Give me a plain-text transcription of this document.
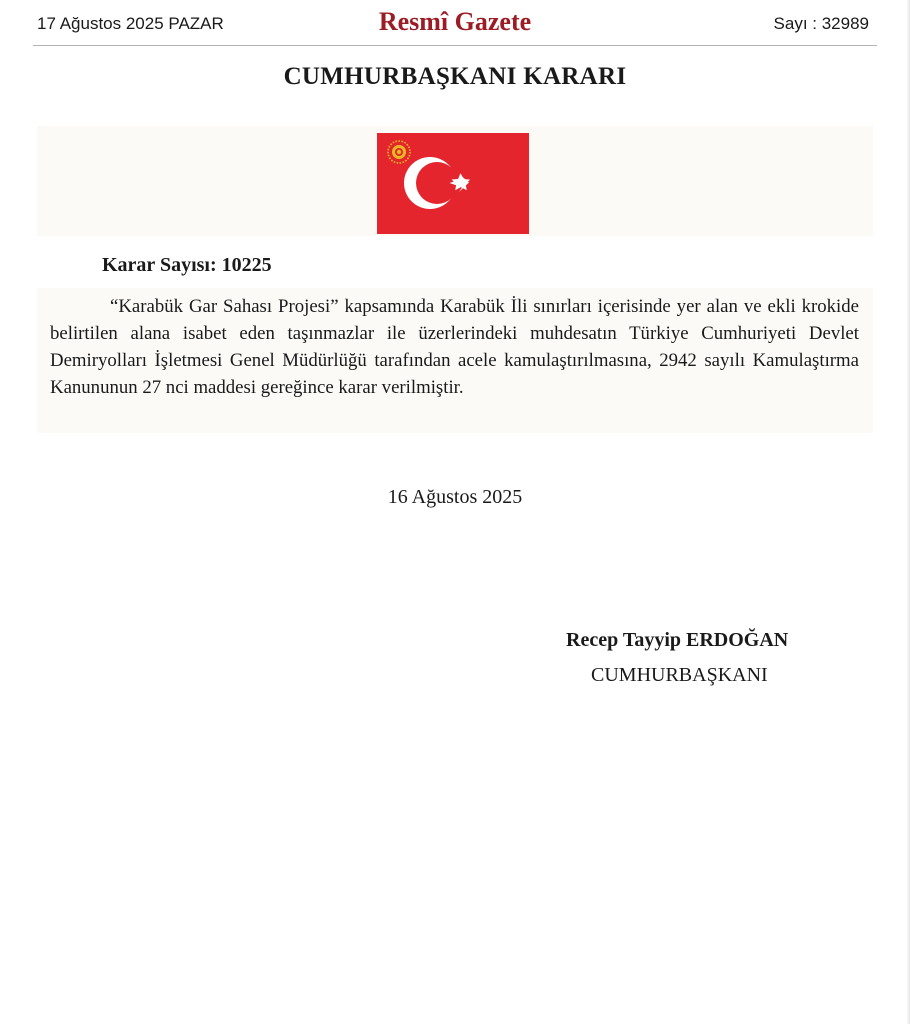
17 Ağustos 2025 PAZAR	Resmî Gazete	Sayı : 32989
CUMHURBAŞKANI KARARI
Karar Sayısı: 10225

“Karabük Gar Sahası Projesi” kapsamında Karabük İli sınırları içerisinde yer alan ve ekli krokide belirtilen alana isabet eden taşınmazlar ile üzerlerindeki muhdesatın Türkiye Cumhuriyeti Devlet Demiryolları İşletmesi Genel Müdürlüğü tarafından acele kamulaştırılmasına, 2942 sayılı Kamulaştırma Kanununun 27 nci maddesi gereğince karar verilmiştir.

16 Ağustos 2025
Recep Tayyip ERDOĞAN
CUMHURBAŞKANI
